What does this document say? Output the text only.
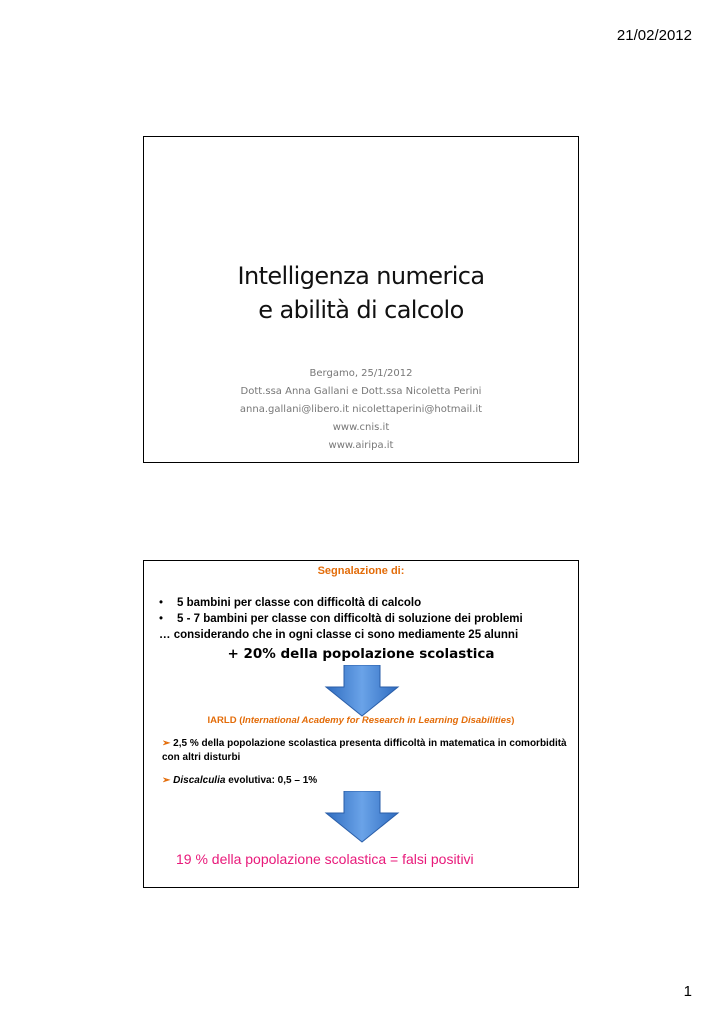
21/02/2012
Intelligenza numerica
e abilità di calcolo
Bergamo, 25/1/2012
Dott.ssa Anna Gallani e Dott.ssa Nicoletta Perini
anna.gallani@libero.it nicolettaperini@hotmail.it
www.cnis.it
www.airipa.it
Segnalazione di:
•	5 bambini per classe con difficoltà di calcolo
•	5 - 7 bambini per classe con difficoltà di soluzione dei problemi
… considerando che in ogni classe ci sono mediamente 25 alunni
+ 20% della popolazione scolastica
IARLD (International Academy for Research in Learning Disabilities)
➢ 2,5 % della popolazione scolastica presenta difficoltà in matematica in comorbidità con altri disturbi
➢ Discalculia evolutiva: 0,5 – 1%
19 % della popolazione scolastica = falsi positivi
1
